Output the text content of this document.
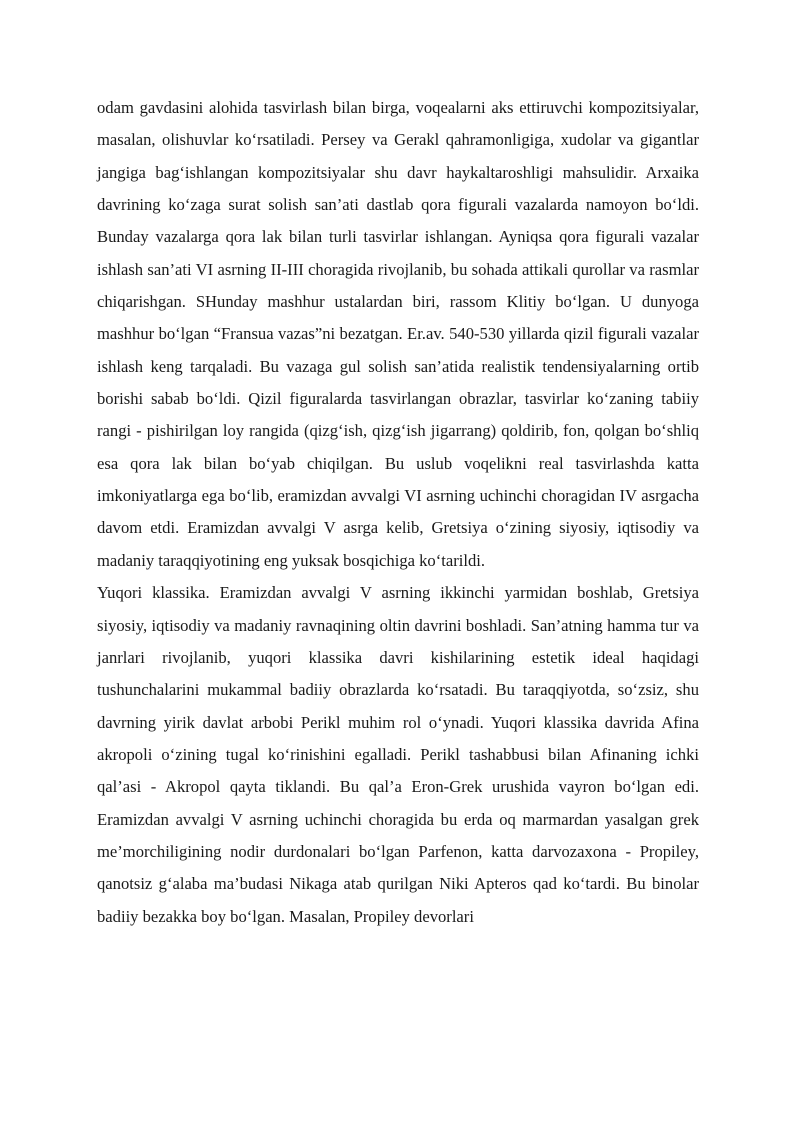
odam gavdasini alohida tasvirlash bilan birga, voqealarni aks ettiruvchi kompozitsiyalar, masalan, olishuvlar ko‘rsatiladi. Persey va Gerakl qahramonligiga, xudolar va gigantlar jangiga bag‘ishlangan kompozitsiyalar shu davr haykaltaroshligi mahsulidir. Arxaika davrining ko‘zaga surat solish san’ati dastlab qora figurali vazalarda namoyon bo‘ldi. Bunday vazalarga qora lak bilan turli tasvirlar ishlangan. Ayniqsa qora figurali vazalar ishlash san’ati VI asrning II-III choragida rivojlanib, bu sohada attikali qurollar va rasmlar chiqarishgan. SHunday mashhur ustalardan biri, rassom Klitiy bo‘lgan. U dunyoga mashhur bo‘lgan “Fransua vazas”ni bezatgan. Er.av. 540-530 yillarda qizil figurali vazalar ishlash keng tarqaladi. Bu vazaga gul solish san’atida realistik tendensiyalarning ortib borishi sabab bo‘ldi. Qizil figuralarda tasvirlangan obrazlar, tasvirlar ko‘zaning tabiiy rangi - pishirilgan loy rangida (qizg‘ish, qizg‘ish jigarrang) qoldirib, fon, qolgan bo‘shliq esa qora lak bilan bo‘yab chiqilgan. Bu uslub voqelikni real tasvirlashda katta imkoniyatlarga ega bo‘lib, eramizdan avvalgi VI asrning uchinchi choragidan IV asrgacha davom etdi. Eramizdan avvalgi V asrga kelib, Gretsiya o‘zining siyosiy, iqtisodiy va madaniy taraqqiyotining eng yuksak bosqichiga ko‘tarildi.

Yuqori klassika. Eramizdan avvalgi V asrning ikkinchi yarmidan boshlab, Gretsiya siyosiy, iqtisodiy va madaniy ravnaqining oltin davrini boshladi. San’atning hamma tur va janrlari rivojlanib, yuqori klassika davri kishilarining estetik ideal haqidagi tushunchalarini mukammal badiiy obrazlarda ko‘rsatadi. Bu taraqqiyotda, so‘zsiz, shu davrning yirik davlat arbobi Perikl muhim rol o‘ynadi. Yuqori klassika davrida Afina akropoli o‘zining tugal ko‘rinishini egalladi. Perikl tashabbusi bilan Afinaning ichki qal’asi - Akropol qayta tiklandi. Bu qal’a Eron-Grek urushida vayron bo‘lgan edi. Eramizdan avvalgi V asrning uchinchi choragida bu erda oq marmardan yasalgan grek me’morchiligining nodir durdonalari bo‘lgan Parfenon, katta darvozaxona - Propiley, qanotsiz g‘alaba ma’budasi Nikaga atab qurilgan Niki Apteros qad ko‘tardi. Bu binolar badiiy bezakka boy bo‘lgan. Masalan, Propiley devorlari
